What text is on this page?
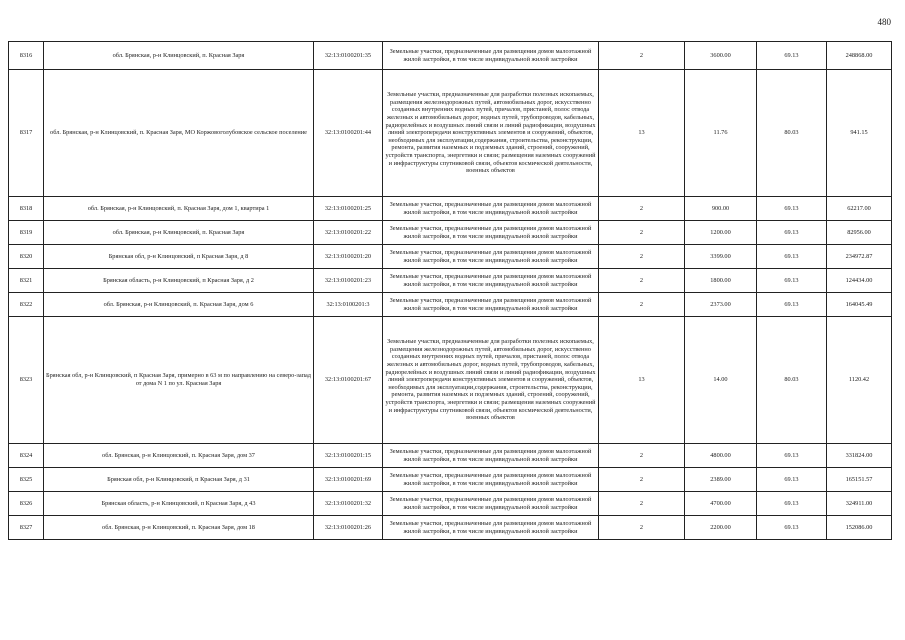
480
8316	обл. Брянская, р-н Клинцовский, п. Красная Заря	32:13:0100201:35	Земельные участки, предназначенные для размещения домов малоэтажной жилой застройки, в том числе индивидуальной жилой застройки	2	3600.00	69.13	248868.00
8317	обл. Брянская, р-н Клинцовский, п. Красная Заря, МО Коржовоголубовское сельское поселение	32:13:0100201:44	Земельные участки, предназначенные для разработки полезных ископаемых, размещения железнодорожных путей, автомобильных дорог, искусственно созданных внутренних водных путей, причалов, пристаней, полос отвода железных и автомобильных дорог, водных путей, трубопроводов, кабельных, радиорелейных и воздушных линий связи и линий радиофикации, воздушных линий электропередачи конструктивных элементов и сооружений, объектов, необходимых для эксплуатации,содержания, строительства, реконструкции, ремонта, развития наземных и подземных зданий, строений, сооружений, устройств транспорта, энергетики и связи; размещения наземных сооружений и инфраструктуры спутниковой связи, объектов космической деятельности, военных объектов	13	11.76	80.03	941.15
8318	обл. Брянская, р-н Клинцовский, п. Красная Заря, дом 1, квартира 1	32:13:0100201:25	Земельные участки, предназначенные для размещения домов малоэтажной жилой застройки, в том числе индивидуальной жилой застройки	2	900.00	69.13	62217.00
8319	обл. Брянская, р-н Клинцовский, п. Красная Заря	32:13:0100201:22	Земельные участки, предназначенные для размещения домов малоэтажной жилой застройки, в том числе индивидуальной жилой застройки	2	1200.00	69.13	82956.00
8320	Брянская обл, р-н Клинцовский, п Красная Заря, д 8	32:13:0100201:20	Земельные участки, предназначенные для размещения домов малоэтажной жилой застройки, в том числе индивидуальной жилой застройки	2	3399.00	69.13	234972.87
8321	Брянская область, р-н Клинцовский, п Красная Заря, д 2	32:13:0100201:23	Земельные участки, предназначенные для размещения домов малоэтажной жилой застройки, в том числе индивидуальной жилой застройки	2	1800.00	69.13	124434.00
8322	обл. Брянская, р-н Клинцовский, п. Красная Заря, дом 6	32:13:0100201:3	Земельные участки, предназначенные для размещения домов малоэтажной жилой застройки, в том числе индивидуальной жилой застройки	2	2373.00	69.13	164045.49
8323	Брянская обл, р-н Клинцовский, п Красная Заря, примерно в 63 м по направлению на северо-запад от дома N 1 по ул. Красная Заря	32:13:0100201:67	Земельные участки, предназначенные для разработки полезных ископаемых, размещения железнодорожных путей, автомобильных дорог, искусственно созданных внутренних водных путей, причалов, пристаней, полос отвода железных и автомобильных дорог, водных путей, трубопроводов, кабельных, радиорелейных и воздушных линий связи и линий радиофикации, воздушных линий электропередачи конструктивных элементов и сооружений, объектов, необходимых для эксплуатации,содержания, строительства, реконструкции, ремонта, развития наземных и подземных зданий, строений, сооружений, устройств транспорта, энергетики и связи; размещения наземных сооружений и инфраструктуры спутниковой связи, объектов космической деятельности, военных объектов	13	14.00	80.03	1120.42
8324	обл. Брянская, р-н Клинцовский, п. Красная Заря, дом 37	32:13:0100201:15	Земельные участки, предназначенные для размещения домов малоэтажной жилой застройки, в том числе индивидуальной жилой застройки	2	4800.00	69.13	331824.00
8325	Брянская обл, р-н Клинцовский, п Красная Заря, д 31	32:13:0100201:69	Земельные участки, предназначенные для размещения домов малоэтажной жилой застройки, в том числе индивидуальной жилой застройки	2	2389.00	69.13	165151.57
8326	Брянская область, р-н Клинцовский, п Красная Заря, д 43	32:13:0100201:32	Земельные участки, предназначенные для размещения домов малоэтажной жилой застройки, в том числе индивидуальной жилой застройки	2	4700.00	69.13	324911.00
8327	обл. Брянская, р-н Клинцовский, п. Красная Заря, дом 18	32:13:0100201:26	Земельные участки, предназначенные для размещения домов малоэтажной жилой застройки, в том числе индивидуальной жилой застройки	2	2200.00	69.13	152086.00
